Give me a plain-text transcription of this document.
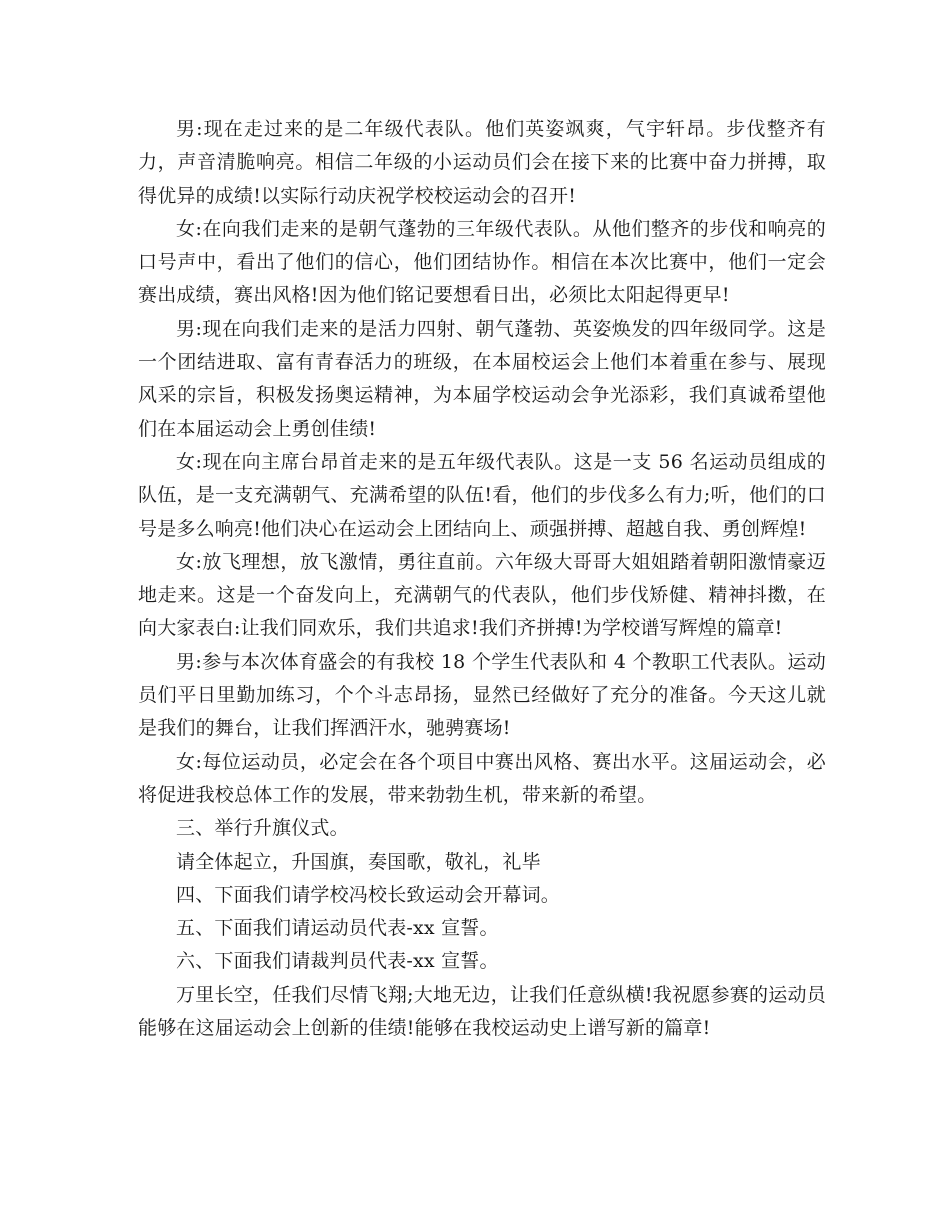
男:现在走过来的是二年级代表队。他们英姿飒爽，气宇轩昂。步伐整齐有力，声音清脆响亮。相信二年级的小运动员们会在接下来的比赛中奋力拼搏，取得优异的成绩!以实际行动庆祝学校校运动会的召开!

女:在向我们走来的是朝气蓬勃的三年级代表队。从他们整齐的步伐和响亮的口号声中，看出了他们的信心，他们团结协作。相信在本次比赛中，他们一定会赛出成绩，赛出风格!因为他们铭记要想看日出，必须比太阳起得更早!

男:现在向我们走来的是活力四射、朝气蓬勃、英姿焕发的四年级同学。这是一个团结进取、富有青春活力的班级，在本届校运会上他们本着重在参与、展现风采的宗旨，积极发扬奥运精神，为本届学校运动会争光添彩，我们真诚希望他们在本届运动会上勇创佳绩!

女:现在向主席台昂首走来的是五年级代表队。这是一支 56 名运动员组成的队伍，是一支充满朝气、充满希望的队伍!看，他们的步伐多么有力;听，他们的口号是多么响亮!他们决心在运动会上团结向上、顽强拼搏、超越自我、勇创辉煌!

女:放飞理想，放飞激情，勇往直前。六年级大哥哥大姐姐踏着朝阳激情豪迈地走来。这是一个奋发向上，充满朝气的代表队，他们步伐矫健、精神抖擞，在向大家表白:让我们同欢乐，我们共追求!我们齐拼搏!为学校谱写辉煌的篇章!

男:参与本次体育盛会的有我校 18 个学生代表队和 4 个教职工代表队。运动员们平日里勤加练习，个个斗志昂扬，显然已经做好了充分的准备。今天这儿就是我们的舞台，让我们挥洒汗水，驰骋赛场!

女:每位运动员，必定会在各个项目中赛出风格、赛出水平。这届运动会，必将促进我校总体工作的发展，带来勃勃生机，带来新的希望。

三、举行升旗仪式。

请全体起立，升国旗，奏国歌，敬礼，礼毕

四、下面我们请学校冯校长致运动会开幕词。

五、下面我们请运动员代表-xx 宣誓。

六、下面我们请裁判员代表-xx 宣誓。

万里长空，任我们尽情飞翔;大地无边，让我们任意纵横!我祝愿参赛的运动员能够在这届运动会上创新的佳绩!能够在我校运动史上谱写新的篇章!
